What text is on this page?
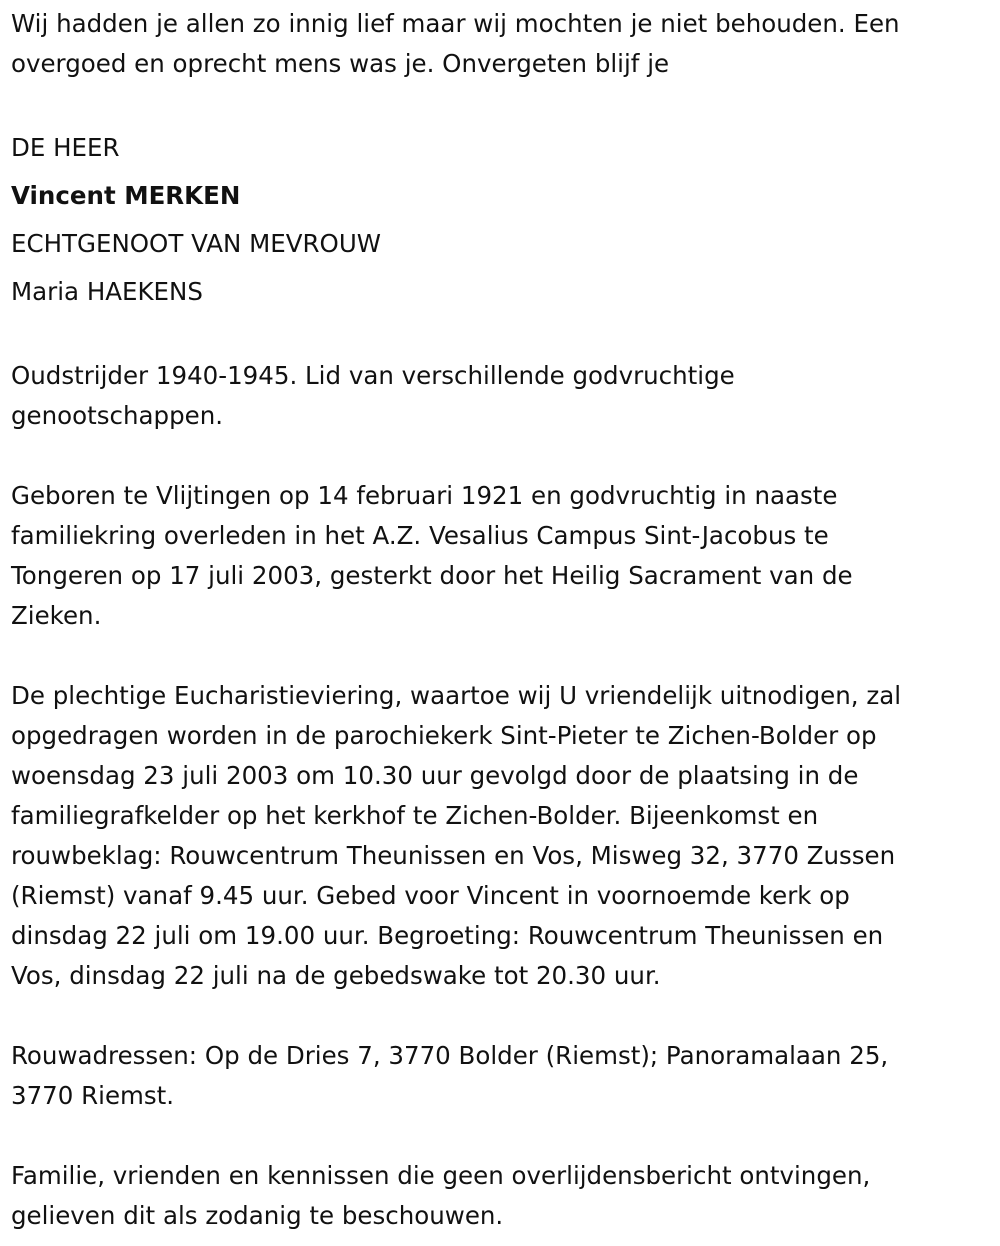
Wij hadden je allen zo innig lief maar wij mochten je niet behouden. Een

overgoed en oprecht mens was je. Onvergeten blijf je

DE HEER

Vincent MERKEN

ECHTGENOOT VAN MEVROUW

Maria HAEKENS

Oudstrijder 1940-1945. Lid van verschillende godvruchtige

genootschappen.

Geboren te Vlijtingen op 14 februari 1921 en godvruchtig in naaste

familiekring overleden in het A.Z. Vesalius Campus Sint-Jacobus te

Tongeren op 17 juli 2003, gesterkt door het Heilig Sacrament van de

Zieken.

De plechtige Eucharistieviering, waartoe wij U vriendelijk uitnodigen, zal

opgedragen worden in de parochiekerk Sint-Pieter te Zichen-Bolder op

woensdag 23 juli 2003 om 10.30 uur gevolgd door de plaatsing in de

familiegrafkelder op het kerkhof te Zichen-Bolder. Bijeenkomst en

rouwbeklag: Rouwcentrum Theunissen en Vos, Misweg 32, 3770 Zussen

(Riemst) vanaf 9.45 uur. Gebed voor Vincent in voornoemde kerk op

dinsdag 22 juli om 19.00 uur. Begroeting: Rouwcentrum Theunissen en

Vos, dinsdag 22 juli na de gebedswake tot 20.30 uur.

Rouwadressen: Op de Dries 7, 3770 Bolder (Riemst); Panoramalaan 25,

3770 Riemst.

Familie, vrienden en kennissen die geen overlijdensbericht ontvingen,

gelieven dit als zodanig te beschouwen.
